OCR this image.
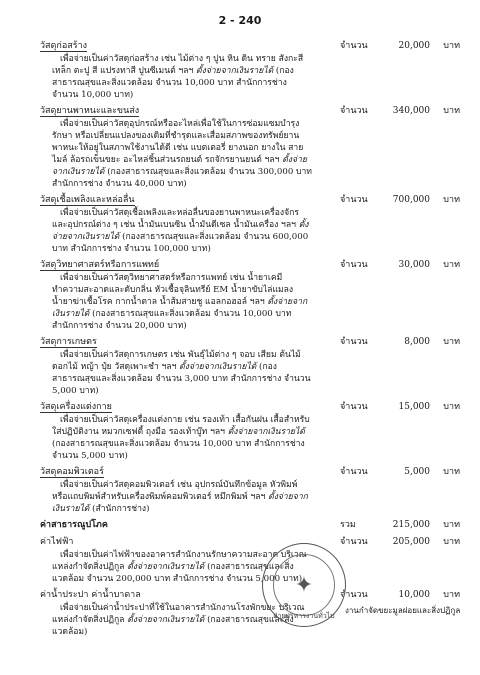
2 - 240
วัสดุก่อสร้าง	จำนวน	20,000	บาท
เพื่อจ่ายเป็นค่าวัสดุก่อสร้าง เช่น ไม้ต่าง ๆ ปูน หิน ดิน ทราย สังกะสี เหล็ก ตะปู สี แปรงทาสี ปูนซีเมนต์ ฯลฯ ตั้งจ่ายจากเงินรายได้ (กองสาธารณสุขและสิ่งแวดล้อม จำนวน 10,000 บาท สำนักการช่าง จำนวน 10,000 บาท)
วัสดุยานพาหนะและขนส่ง	จำนวน	340,000	บาท
เพื่อจ่ายเป็นค่าวัสดุอุปกรณ์หรืออะไหล่เพื่อใช้ในการซ่อมแซมบำรุงรักษา หรือเปลี่ยนแปลงของเดิมที่ชำรุดและเสื่อมสภาพของทรัพย์ยานพาหนะให้อยู่ในสภาพใช้งานได้ดี เช่น แบตเตอรี่ ยางนอก ยางใน สายไมล์ ล้อรถเข็นขยะ อะไหล่ชิ้นส่วนรถยนต์ รถจักรยานยนต์ ฯลฯ ตั้งจ่ายจากเงินรายได้ (กองสาธารณสุขและสิ่งแวดล้อม จำนวน 300,000 บาท สำนักการช่าง จำนวน 40,000 บาท)
วัสดุเชื้อเพลิงและหล่อลื่น	จำนวน	700,000	บาท
เพื่อจ่ายเป็นค่าวัสดุเชื้อเพลิงและหล่อลื่นของยานพาหนะเครื่องจักรและอุปกรณ์ต่าง ๆ เช่น น้ำมันเบนซิน น้ำมันดีเซล น้ำมันเครื่อง ฯลฯ ตั้งจ่ายจากเงินรายได้ (กองสาธารณสุขและสิ่งแวดล้อม จำนวน 600,000 บาท สำนักการช่าง จำนวน 100,000 บาท)
วัสดุวิทยาศาสตร์หรือการแพทย์	จำนวน	30,000	บาท
เพื่อจ่ายเป็นค่าวัสดุวิทยาศาสตร์หรือการแพทย์ เช่น น้ำยาเคมีทำความสะอาดและดับกลิ่น หัวเชื้อจุลินทรีย์ EM น้ำยาขับไล่แมลง น้ำยาฆ่าเชื้อโรค กากน้ำตาล น้ำส้มสายชู แอลกอฮอล์ ฯลฯ ตั้งจ่ายจากเงินรายได้ (กองสาธารณสุขและสิ่งแวดล้อม จำนวน 10,000 บาท สำนักการช่าง จำนวน 20,000 บาท)
วัสดุการเกษตร	จำนวน	8,000	บาท
เพื่อจ่ายเป็นค่าวัสดุการเกษตร เช่น พันธุ์ไม้ต่าง ๆ จอบ เสียม ต้นไม้ ดอกไม้ หญ้า ปุ๋ย วัสดุเพาะชำ ฯลฯ ตั้งจ่ายจากเงินรายได้ (กองสาธารณสุขและสิ่งแวดล้อม จำนวน 3,000 บาท สำนักการช่าง จำนวน 5,000 บาท)
วัสดุเครื่องแต่งกาย	จำนวน	15,000	บาท
เพื่อจ่ายเป็นค่าวัสดุเครื่องแต่งกาย เช่น รองเท้า เสื้อกันฝน เสื้อสำหรับใส่ปฏิบัติงาน หมวกเซฟตี้ ถุงมือ รองเท้าบู๊ท ฯลฯ ตั้งจ่ายจากเงินรายได้ (กองสาธารณสุขและสิ่งแวดล้อม จำนวน 10,000 บาท สำนักการช่าง จำนวน 5,000 บาท)
วัสดุคอมพิวเตอร์	จำนวน	5,000	บาท
เพื่อจ่ายเป็นค่าวัสดุคอมพิวเตอร์ เช่น อุปกรณ์บันทึกข้อมูล หัวพิมพ์หรือแถบพิมพ์สำหรับเครื่องพิมพ์คอมพิวเตอร์ หมึกพิมพ์ ฯลฯ ตั้งจ่ายจากเงินรายได้ (สำนักการช่าง)
ค่าสาธารณูปโภค	รวม	215,000	บาท
ค่าไฟฟ้า	จำนวน	205,000	บาท
เพื่อจ่ายเป็นค่าไฟฟ้าของอาคารสำนักงานรักษาความสะอาด บริเวณแหล่งกำจัดสิ่งปฏิกูล ตั้งจ่ายจากเงินรายได้ (กองสาธารณสุขและสิ่งแวดล้อม จำนวน 200,000 บาท สำนักการช่าง จำนวน 5,000 บาท)
ค่าน้ำประปา ค่าน้ำบาดาล	จำนวน	10,000	บาท
เพื่อจ่ายเป็นค่าน้ำประปาที่ใช้ในอาคารสำนักงานโรงพักขยะ บริเวณแหล่งกำจัดสิ่งปฏิกูล ตั้งจ่ายจากเงินรายได้ (กองสาธารณสุขและสิ่งแวดล้อม)
✦
ฝ่ายบริหารงานทั่วไป
งานกำจัดขยะมูลฝอยและสิ่งปฏิกูล
